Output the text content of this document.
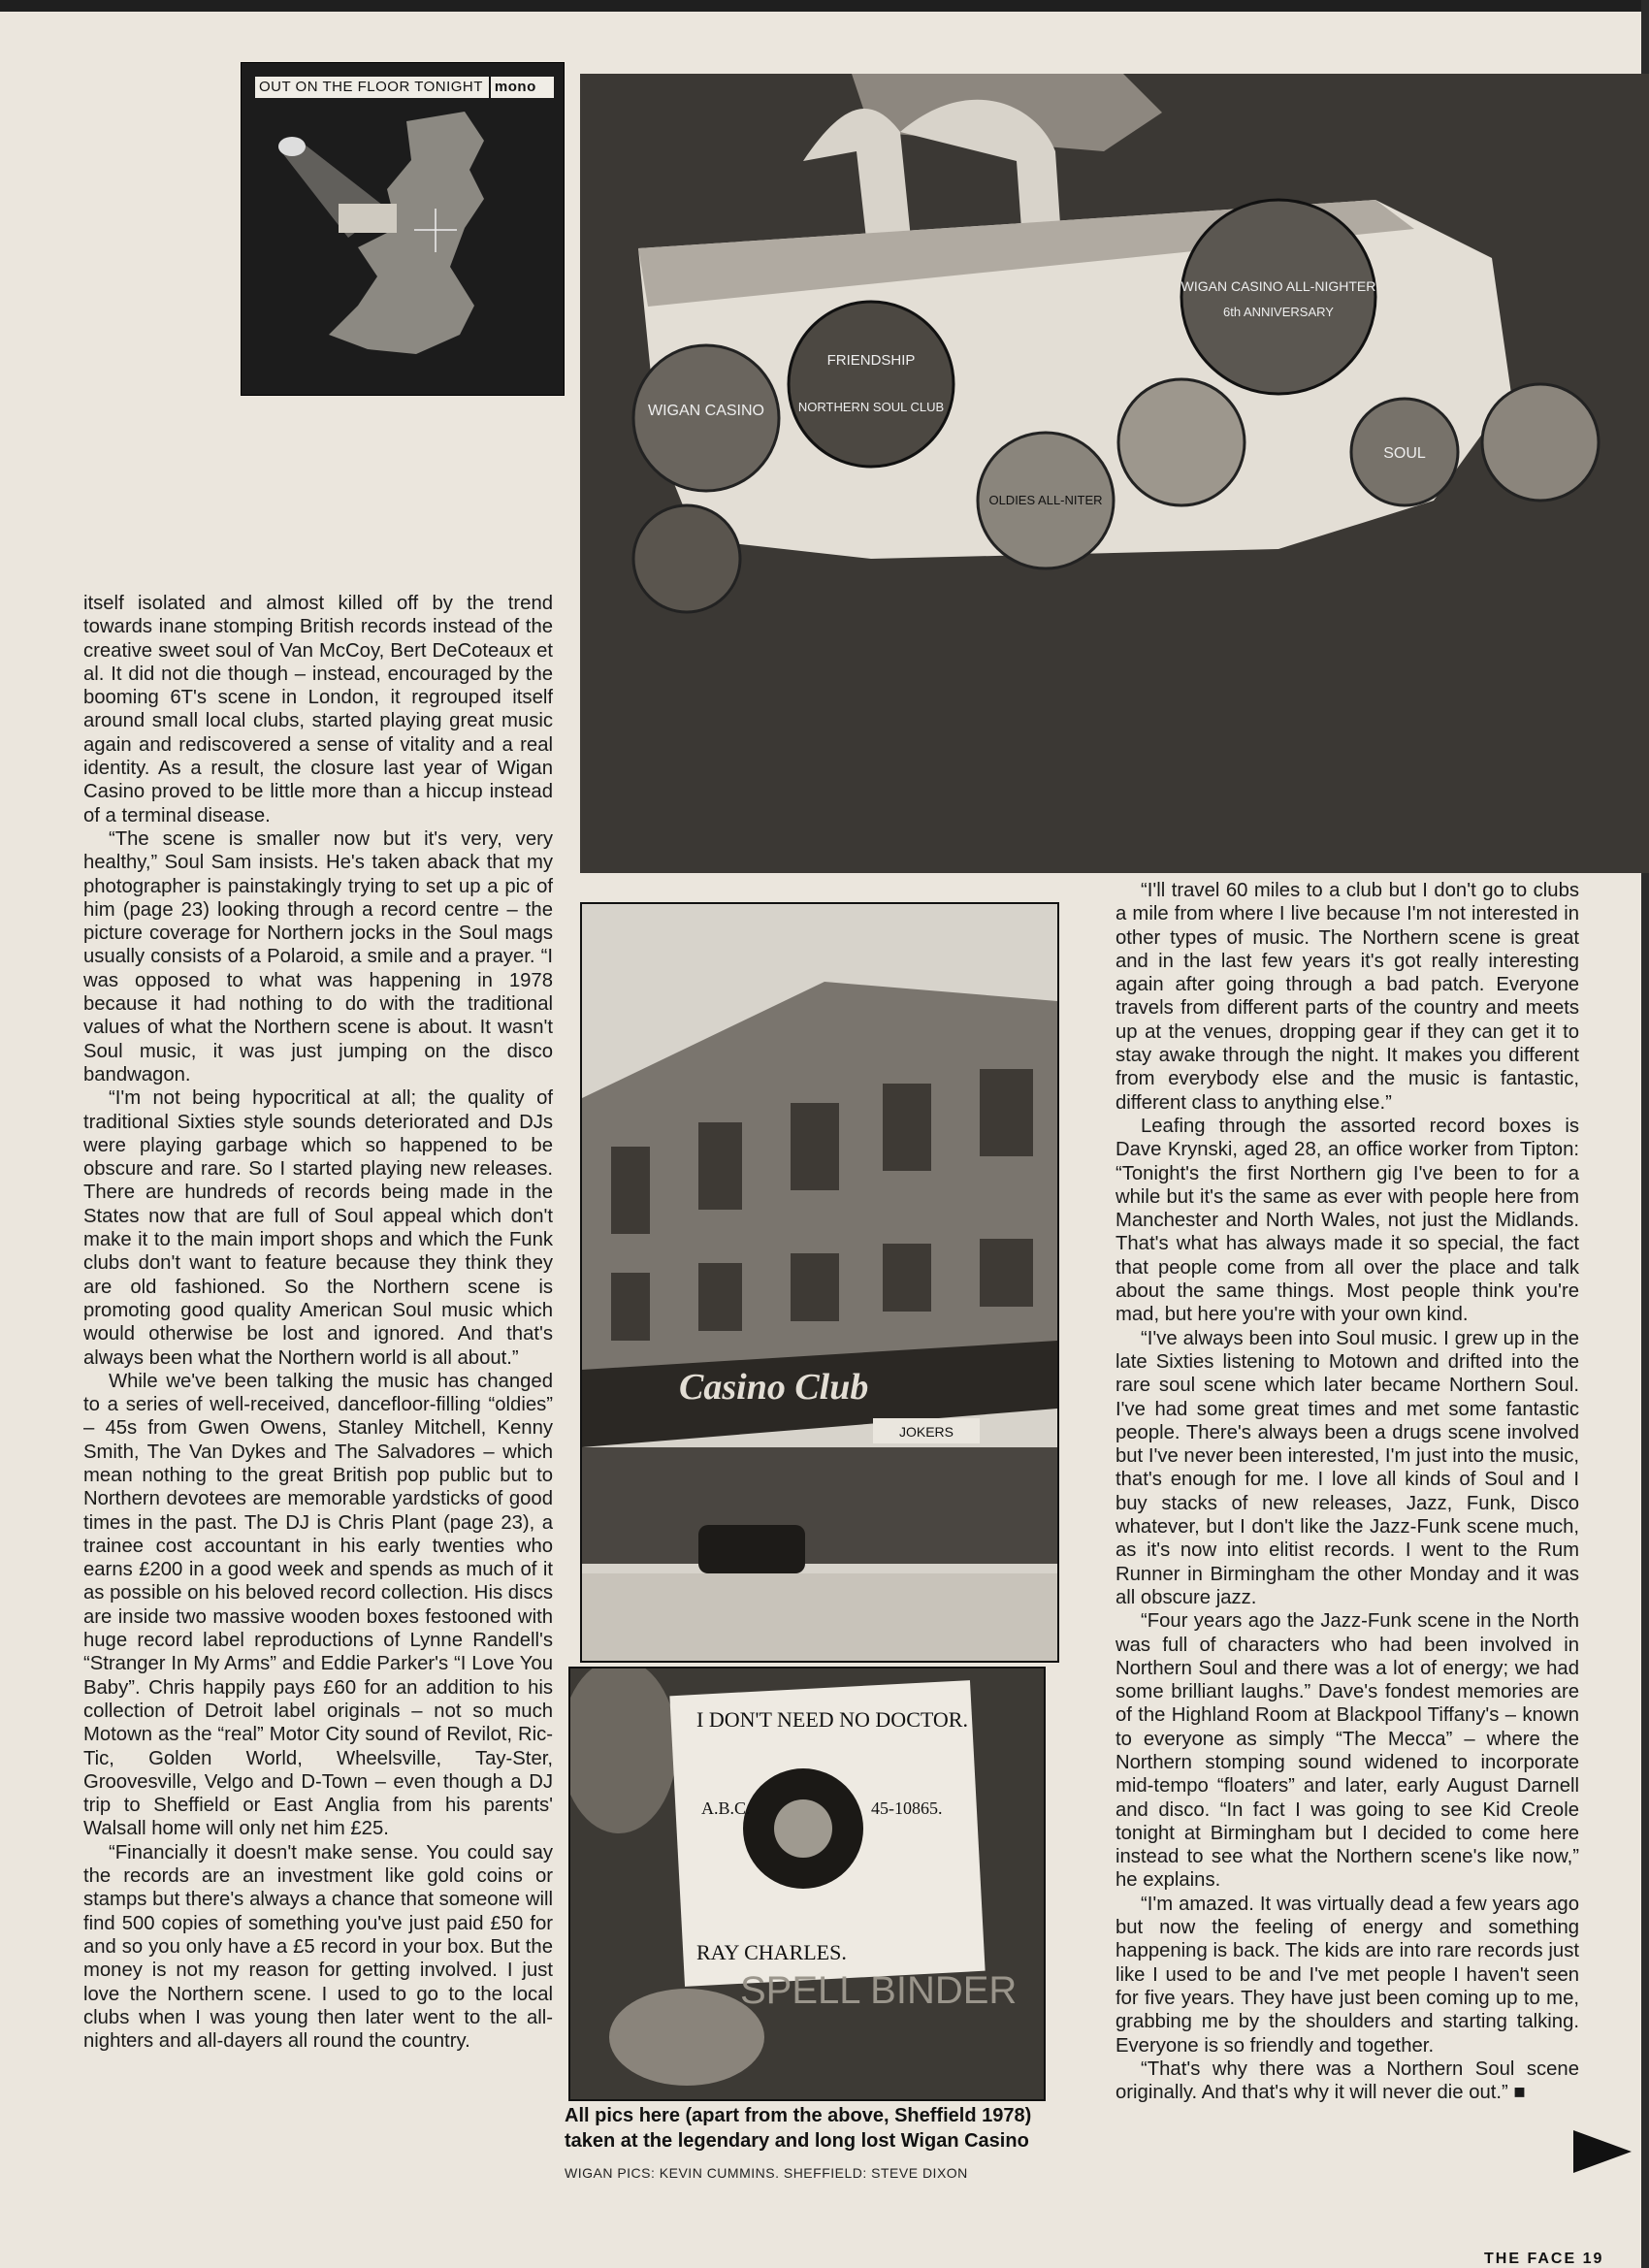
OUT ON THE FLOOR TONIGHT mono
WIGAN CASINO
FRIENDSHIP
NORTHERN SOUL CLUB
WIGAN CASINO ALL-NIGHTER
6th ANNIVERSARY
OLDIES ALL-NITER
SOUL
Casino Club
JOKERS
I DON'T NEED NO DOCTOR.
A.B.C.	45-10865.
RAY CHARLES.
SPELL BINDER

itself isolated and almost killed off by the trend towards inane stomping British records instead of the creative sweet soul of Van McCoy, Bert DeCoteaux et al. It did not die though – instead, encouraged by the booming 6T's scene in London, it regrouped itself around small local clubs, started playing great music again and rediscovered a sense of vitality and a real identity. As a result, the closure last year of Wigan Casino proved to be little more than a hiccup instead of a terminal disease.

“The scene is smaller now but it's very, very healthy,” Soul Sam insists. He's taken aback that my photographer is painstakingly trying to set up a pic of him (page 23) looking through a record centre – the picture coverage for Northern jocks in the Soul mags usually consists of a Polaroid, a smile and a prayer. “I was opposed to what was happening in 1978 because it had nothing to do with the traditional values of what the Northern scene is about. It wasn't Soul music, it was just jumping on the disco bandwagon.

“I'm not being hypocritical at all; the quality of traditional Sixties style sounds deteriorated and DJs were playing garbage which so happened to be obscure and rare. So I started playing new releases. There are hundreds of records being made in the States now that are full of Soul appeal which don't make it to the main import shops and which the Funk clubs don't want to feature because they think they are old fashioned. So the Northern scene is promoting good quality American Soul music which would otherwise be lost and ignored. And that's always been what the Northern world is all about.”

While we've been talking the music has changed to a series of well-received, dancefloor-filling “oldies” – 45s from Gwen Owens, Stanley Mitchell, Kenny Smith, The Van Dykes and The Salvadores – which mean nothing to the great British pop public but to Northern devotees are memorable yardsticks of good times in the past. The DJ is Chris Plant (page 23), a trainee cost accountant in his early twenties who earns £200 in a good week and spends as much of it as possible on his beloved record collection. His discs are inside two massive wooden boxes festooned with huge record label reproductions of Lynne Randell's “Stranger In My Arms” and Eddie Parker's “I Love You Baby”. Chris happily pays £60 for an addition to his collection of Detroit label originals – not so much Motown as the “real” Motor City sound of Revilot, Ric-Tic, Golden World, Wheelsville, Tay-Ster, Groovesville, Velgo and D-Town – even though a DJ trip to Sheffield or East Anglia from his parents' Walsall home will only net him £25.

“Financially it doesn't make sense. You could say the records are an investment like gold coins or stamps but there's always a chance that someone will find 500 copies of something you've just paid £50 for and so you only have a £5 record in your box. But the money is not my reason for getting involved. I just love the Northern scene. I used to go to the local clubs when I was young then later went to the all-nighters and all-dayers all round the country.

“I'll travel 60 miles to a club but I don't go to clubs a mile from where I live because I'm not interested in other types of music. The Northern scene is great and in the last few years it's got really interesting again after going through a bad patch. Everyone travels from different parts of the country and meets up at the venues, dropping gear if they can get it to stay awake through the night. It makes you different from everybody else and the music is fantastic, different class to anything else.”

Leafing through the assorted record boxes is Dave Krynski, aged 28, an office worker from Tipton: “Tonight's the first Northern gig I've been to for a while but it's the same as ever with people here from Manchester and North Wales, not just the Midlands. That's what has always made it so special, the fact that people come from all over the place and talk about the same things. Most people think you're mad, but here you're with your own kind.

“I've always been into Soul music. I grew up in the late Sixties listening to Motown and drifted into the rare soul scene which later became Northern Soul. I've had some great times and met some fantastic people. There's always been a drugs scene involved but I've never been interested, I'm just into the music, that's enough for me. I love all kinds of Soul and I buy stacks of new releases, Jazz, Funk, Disco whatever, but I don't like the Jazz-Funk scene much, as it's now into elitist records. I went to the Rum Runner in Birmingham the other Monday and it was all obscure jazz.

“Four years ago the Jazz-Funk scene in the North was full of characters who had been involved in Northern Soul and there was a lot of energy; we had some brilliant laughs.” Dave's fondest memories are of the Highland Room at Blackpool Tiffany's – known to everyone as simply “The Mecca” – where the Northern stomping sound widened to incorporate mid-tempo “floaters” and later, early August Darnell and disco. “In fact I was going to see Kid Creole tonight at Birmingham but I decided to come here instead to see what the Northern scene's like now,” he explains.

“I'm amazed. It was virtually dead a few years ago but now the feeling of energy and something happening is back. The kids are into rare records just like I used to be and I've met people I haven't seen for five years. They have just been coming up to me, grabbing me by the shoulders and starting talking. Everyone is so friendly and together.

“That's why there was a Northern Soul scene originally. And that's why it will never die out.” ■

All pics here (apart from the above, Sheffield 1978) taken at the legendary and long lost Wigan Casino
WIGAN PICS: KEVIN CUMMINS. SHEFFIELD: STEVE DIXON
THE FACE 19
